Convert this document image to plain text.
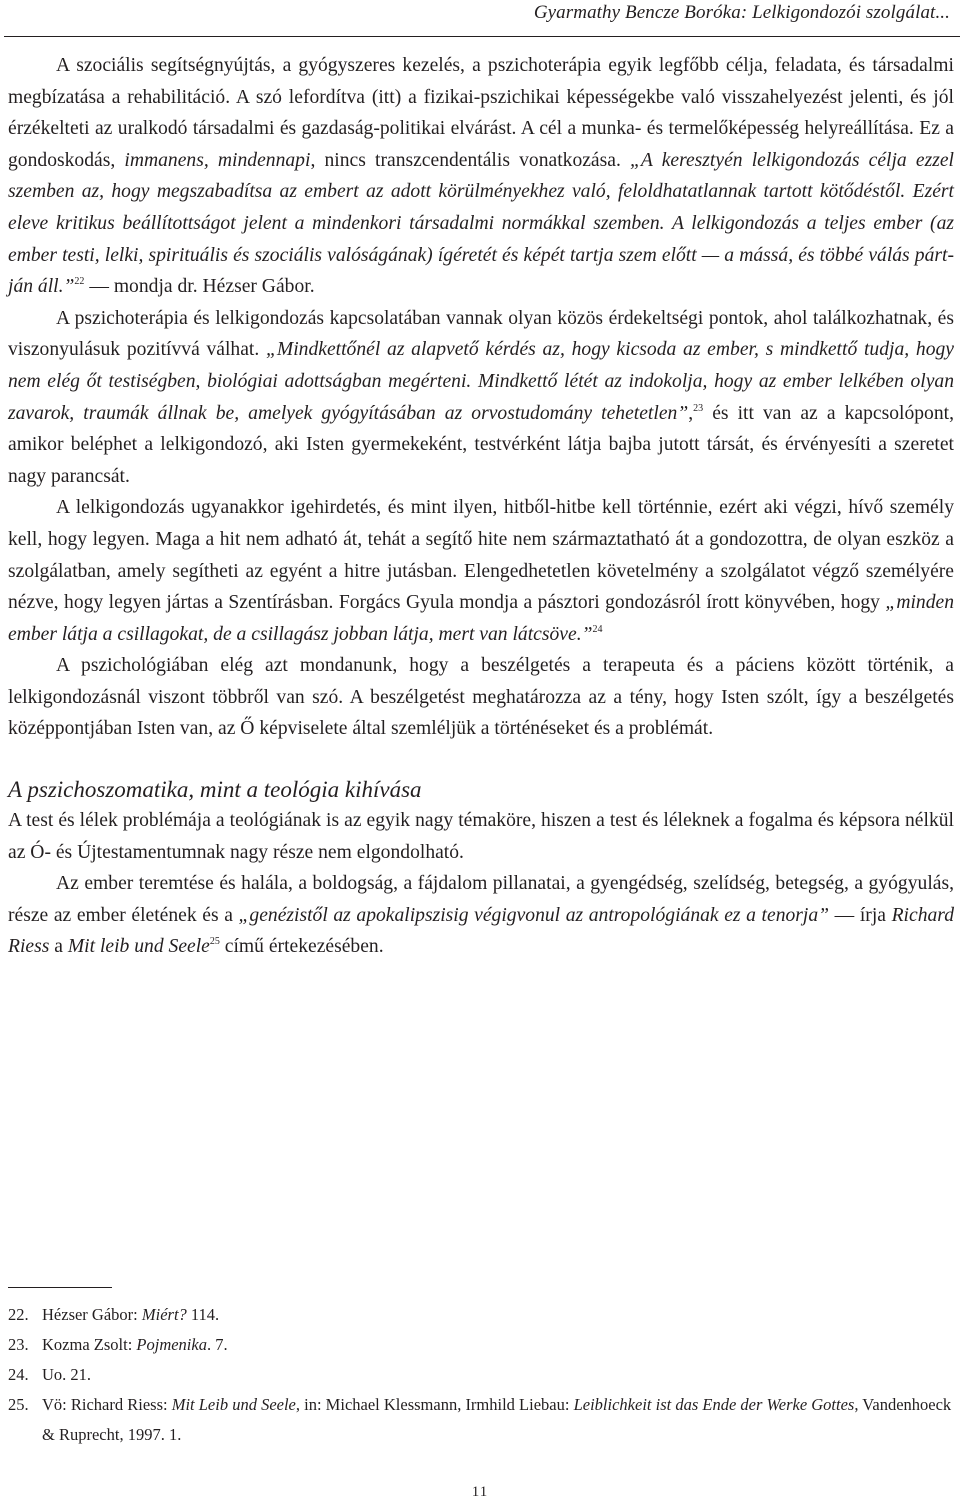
Gyarmathy Bencze Boróka: Lelkigondozói szolgálat...

A szociális segítségnyújtás, a gyógyszeres kezelés, a pszichoterápia egyik legfőbb célja, feladata, és társadalmi megbízatása a rehabilitáció. A szó lefordítva (itt) a fizikai-pszichikai képességekbe való visszahelyezést jelenti, és jól érzékelteti az uralkodó társadalmi és gazdaság-politikai elvárást. A cél a munka- és termelőképesség helyreállítása. Ez a gondoskodás, immanens, mindennapi, nincs transzcendentális vonatkozása. „A keresztyén lelkigondozás célja ezzel szemben az, hogy megszabadítsa az embert az adott körülményekhez való, feloldhatatlannak tartott kötődéstől. Ezért eleve kritikus beállítottságot jelent a mindenkori társadalmi normákkal szemben. A lelkigondozás a teljes ember (az ember testi, lelki, spirituális és szociális valóságának) ígéretét és képét tartja szem előtt — a mássá, és többé válás pártján áll.”$^{22}$ — mondja dr. Hézser Gábor.

A pszichoterápia és lelkigondozás kapcsolatában vannak olyan közös érdekeltségi pontok, ahol találkozhatnak, és viszonyulásuk pozitívvá válhat. „Mindkettőnél az alapvető kérdés az, hogy kicsoda az ember, s mindkettő tudja, hogy nem elég őt testiségben, biológiai adottságban megérteni. Mindkettő létét az indokolja, hogy az ember lelkében olyan zavarok, traumák állnak be, amelyek gyógyításában az orvostudomány tehetetlen”,$^{23}$ és itt van az a kapcsolópont, amikor beléphet a lelkigondozó, aki Isten gyermekeként, testvérként látja bajba jutott társát, és érvényesíti a szeretet nagy parancsát.

A lelkigondozás ugyanakkor igehirdetés, és mint ilyen, hitből-hitbe kell történnie, ezért aki végzi, hívő személy kell, hogy legyen. Maga a hit nem adható át, tehát a segítő hite nem származtatható át a gondozottra, de olyan eszköz a szolgálatban, amely segítheti az egyént a hitre jutásban. Elengedhetetlen követelmény a szolgálatot végző személyére nézve, hogy legyen jártas a Szentírásban. Forgács Gyula mondja a pásztori gondozásról írott könyvében, hogy „minden ember látja a csillagokat, de a csillagász jobban látja, mert van látcsöve.”$^{24}$

A pszichológiában elég azt mondanunk, hogy a beszélgetés a terapeuta és a páciens között történik, a lelkigondozásnál viszont többről van szó. A beszélgetést meghatározza az a tény, hogy Isten szólt, így a beszélgetés középpontjában Isten van, az Ő képviselete által szemléljük a történéseket és a problémát.

A pszichoszomatika, mint a teológia kihívása

A test és lélek problémája a teológiának is az egyik nagy témaköre, hiszen a test és léleknek a fogalma és képsora nélkül az Ó- és Újtestamentumnak nagy része nem elgondolható.

Az ember teremtése és halála, a boldogság, a fájdalom pillanatai, a gyengédség, szelídség, betegség, a gyógyulás, része az ember életének és a „genézistől az apokalipszisig végigvonul az antropológiának ez a tenorja” — írja Richard Riess a Mit leib und Seele$^{25}$ című értekezésében.

22. Hézser Gábor: Miért? 114.
23. Kozma Zsolt: Pojmenika. 7.
24. Uo. 21.
25. Vö: Richard Riess: Mit Leib und Seele, in: Michael Klessmann, Irmhild Liebau: Leiblichkeit ist das Ende der Werke Gottes, Vandenhoeck & Ruprecht, 1997. 1.
11
